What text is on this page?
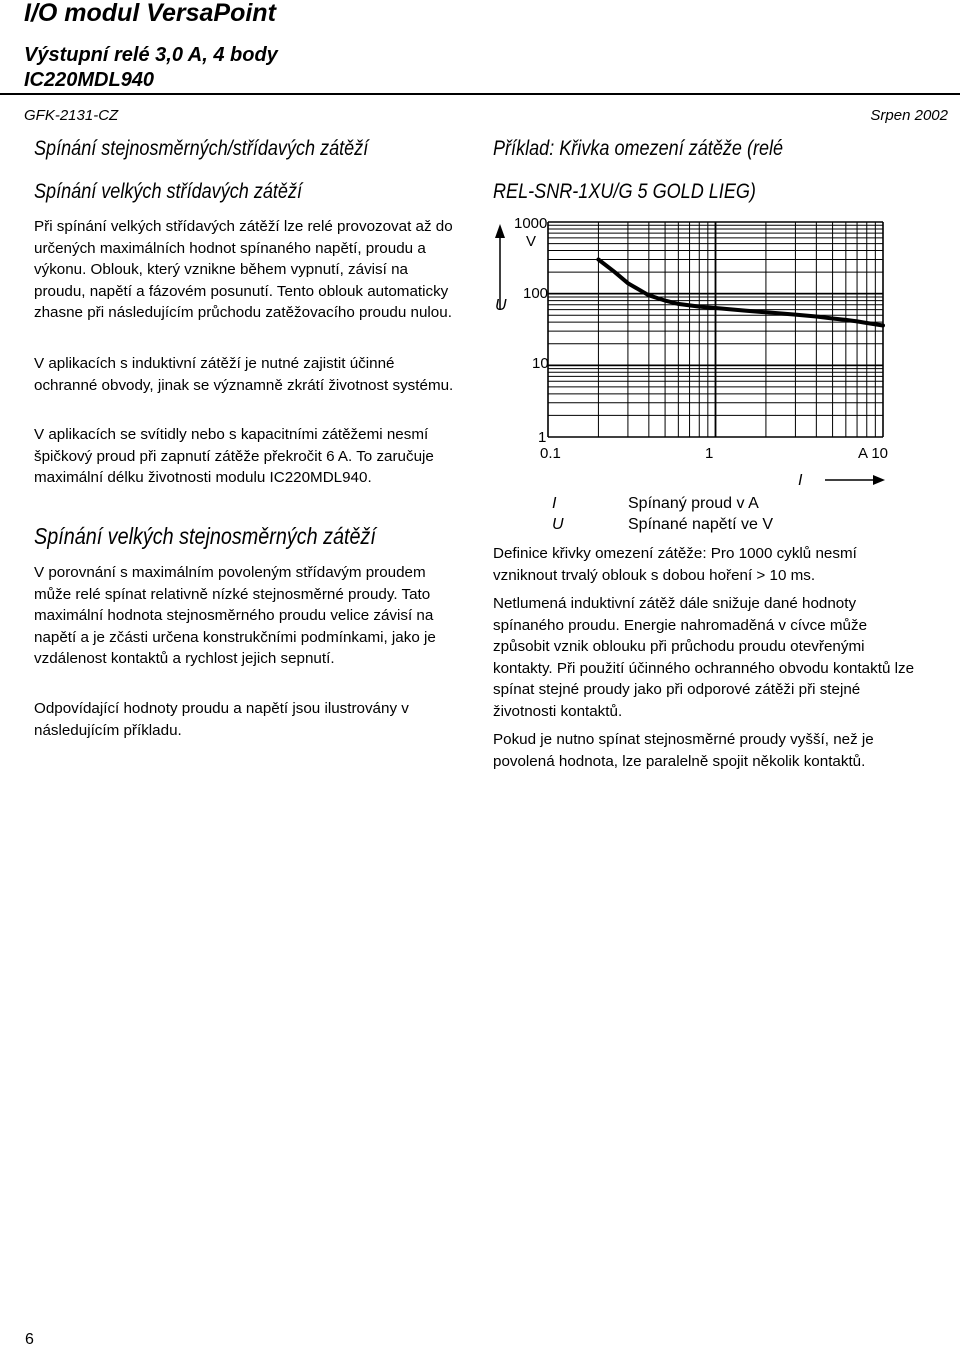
I/O modul VersaPoint
Výstupní relé 3,0 A, 4 body
IC220MDL940
GFK-2131-CZ	Srpen 2002
Spínání stejnosměrných/střídavých zátěží
Spínání velkých střídavých zátěží

Při spínání velkých střídavých zátěží lze relé provozovat až do určených maximálních hodnot spínaného napětí, proudu a výkonu. Oblouk, který vznikne během vypnutí, závisí na proudu, napětí a fázovém posunutí. Tento oblouk automaticky zhasne při následujícím průchodu zatěžovacího proudu nulou.

V aplikacích s induktivní zátěží je nutné zajistit účinné ochranné obvody, jinak se významně zkrátí životnost systému.

V aplikacích se svítidly nebo s kapacitními zátěžemi nesmí špičkový proud při zapnutí zátěže překročit 6 A. To zaručuje maximální délku životnosti modulu IC220MDL940.

Spínání velkých stejnosměrných zátěží

V porovnání s maximálním povoleným střídavým proudem může relé spínat relativně nízké stejnosměrné proudy. Tato maximální hodnota stejnosměrného proudu velice závisí na napětí a je zčásti určena konstrukčními podmínkami, jako je vzdálenost kontaktů a rychlost jejich sepnutí.

Odpovídající hodnoty proudu a napětí jsou ilustrovány v následujícím příkladu.

Příklad: Křivka omezení zátěže (relé
REL-SNR-1XU/G 5 GOLD LIEG)
U
1000
V
100
10
1
0.1	1	A 10
I
I	Spínaný proud v A
U	Spínané napětí ve V

Definice křivky omezení zátěže: Pro 1000 cyklů nesmí vzniknout trvalý oblouk s dobou hoření > 10 ms.

Netlumená induktivní zátěž dále snižuje dané hodnoty spínaného proudu. Energie nahromaděná v cívce může způsobit vznik oblouku při průchodu proudu otevřenými kontakty. Při použití účinného ochranného obvodu kontaktů lze spínat stejné proudy jako při odporové zátěži při stejné životnosti kontaktů.

Pokud je nutno spínat stejnosměrné proudy vyšší, než je povolená hodnota, lze paralelně spojit několik kontaktů.

6
